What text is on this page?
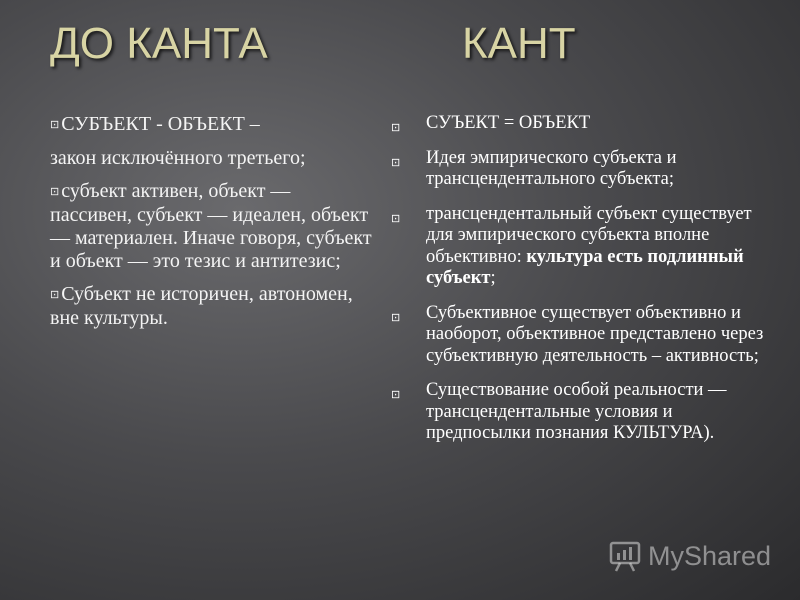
ДО КАНТА	КАНТ
⊡ СУБЪЕКТ - ОБЪЕКТ –
закон исключённого третьего;
⊡ субъект активен, объект — пассивен, субъект — идеален, объект — материален. Иначе говоря, субъект и объект — это тезис и антитезис;
⊡ Субъект не историчен, автономен, вне культуры.
⊡ СУЪЕКТ = ОБЪЕКТ
⊡ Идея эмпирического субъекта и трансцендентального субъекта;
⊡ трансцендентальный субъект существует для эмпирического субъекта вполне объективно: культура есть подлинный субъект;
⊡ Субъективное существует объективно и наоборот, объективное представлено через субъективную деятельность – активность;
⊡ Существование особой реальности — трансцендентальные условия и предпосылки познания КУЛЬТУРА).
MyShared
